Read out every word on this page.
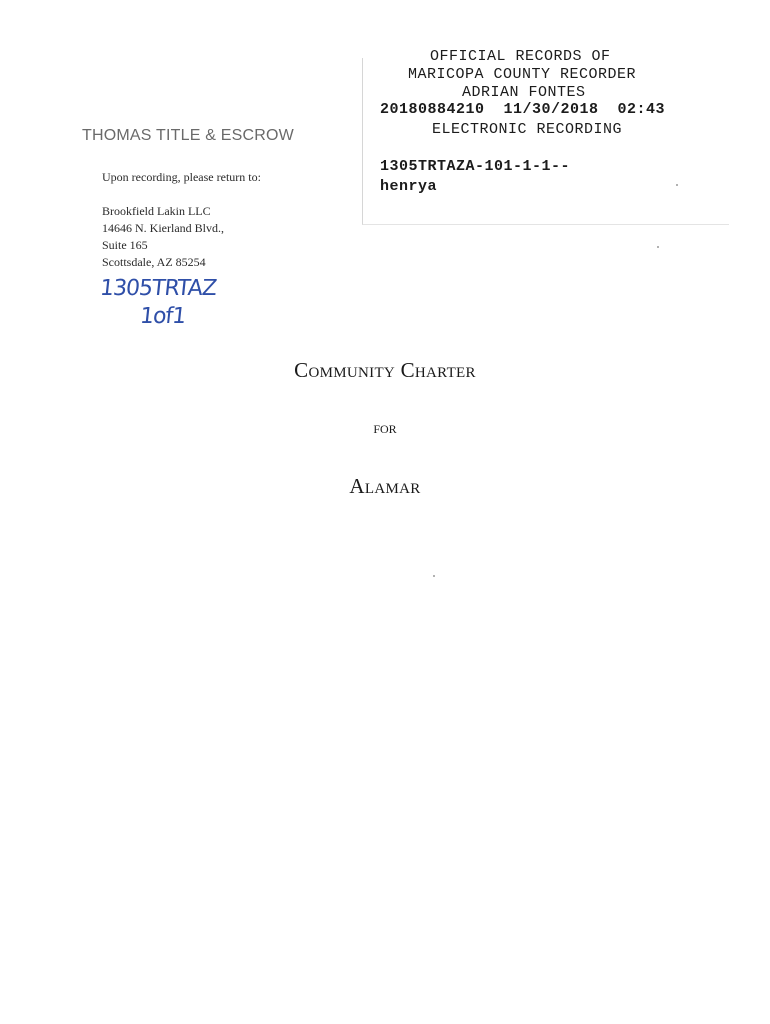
OFFICIAL RECORDS OF
MARICOPA COUNTY RECORDER
ADRIAN FONTES
20180884210  11/30/2018  02:43
ELECTRONIC RECORDING
1305TRTAZA-101-1-1--
henrya
THOMAS TITLE & ESCROW
Upon recording, please return to:
Brookfield Lakin LLC
14646 N. Kierland Blvd.,
Suite 165
Scottsdale, AZ 85254
1305TRTAZ
1of1
Community Charter
for
Alamar
